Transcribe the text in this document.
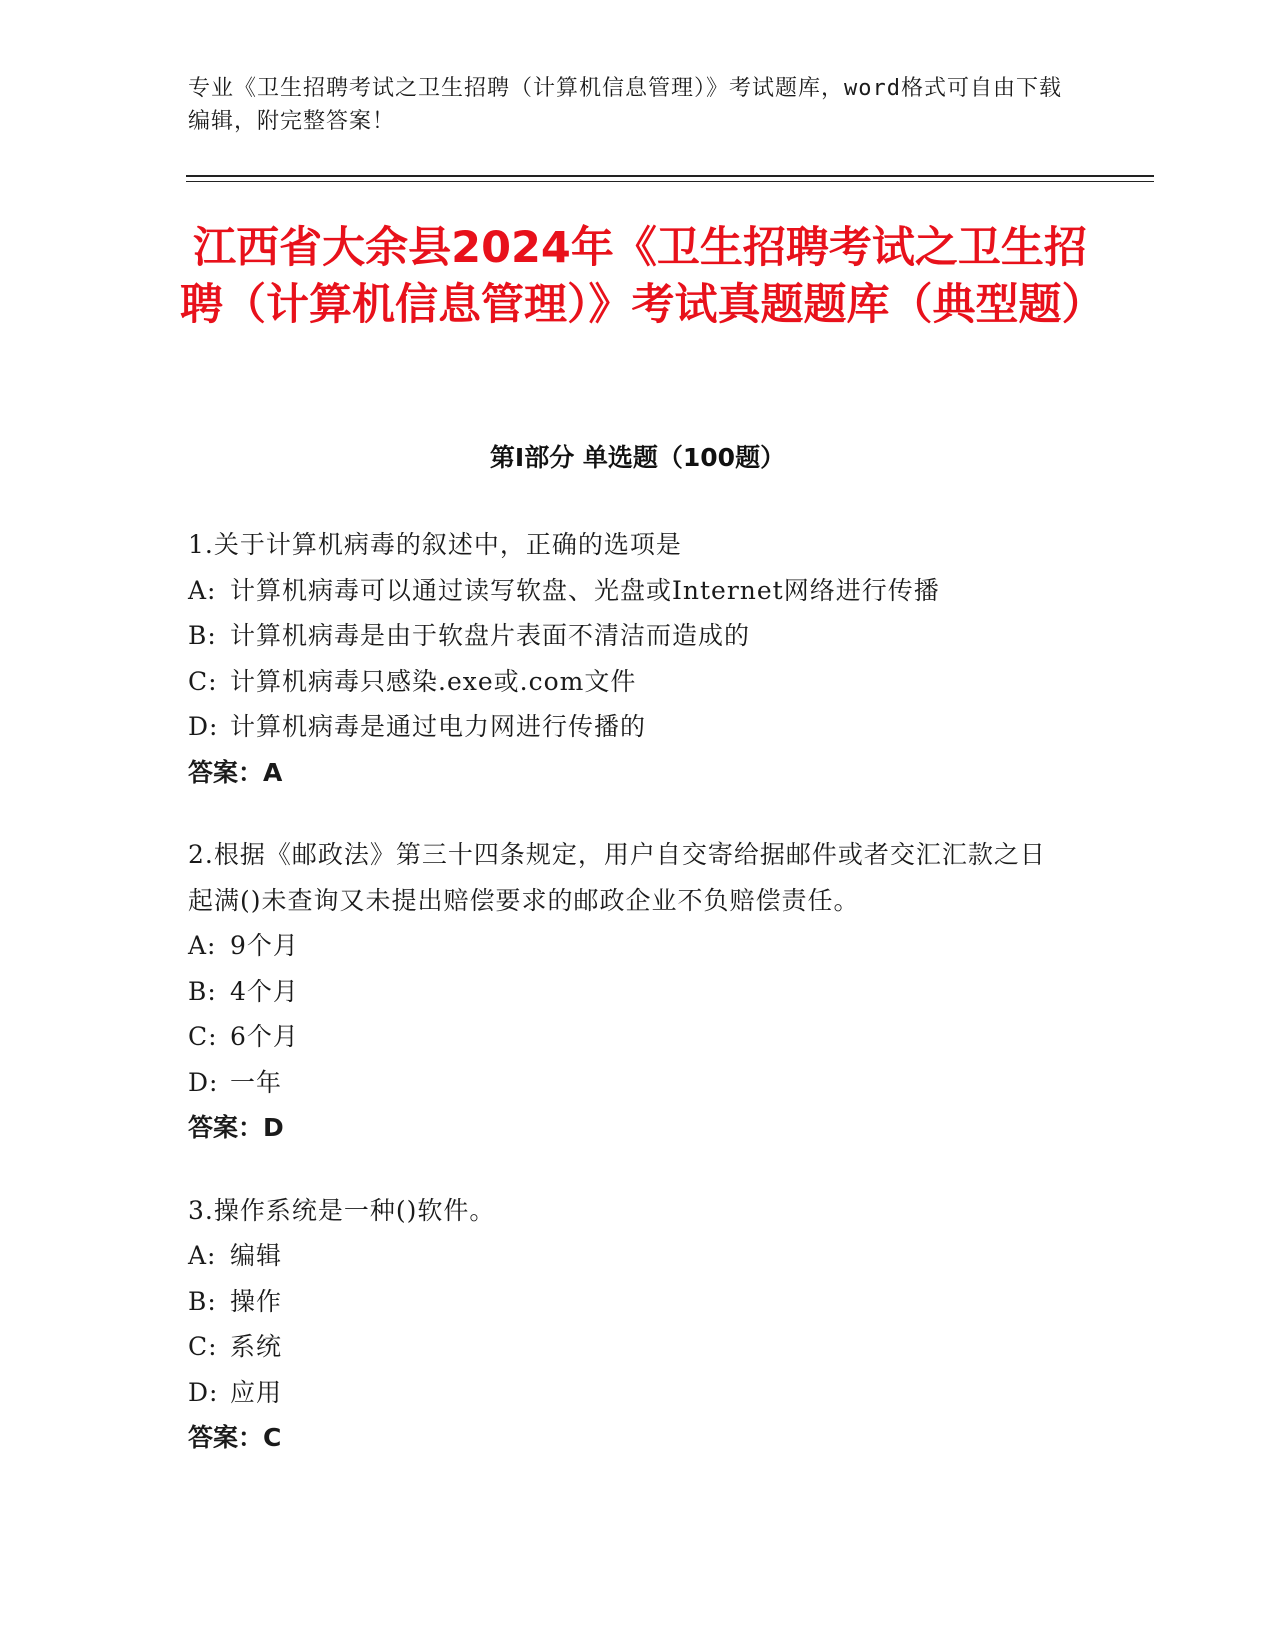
专业《卫生招聘考试之卫生招聘（计算机信息管理）》考试题库，word格式可自由下载编辑，附完整答案！
江西省大余县2024年《卫生招聘考试之卫生招聘（计算机信息管理）》考试真题题库（典型题）
第Ⅰ部分 单选题（100题）
1.关于计算机病毒的叙述中，正确的选项是
A: 计算机病毒可以通过读写软盘、光盘或Internet网络进行传播
B: 计算机病毒是由于软盘片表面不清洁而造成的
C: 计算机病毒只感染.exe或.com文件
D: 计算机病毒是通过电力网进行传播的
答案：A
2.根据《邮政法》第三十四条规定，用户自交寄给据邮件或者交汇汇款之日起满()未查询又未提出赔偿要求的邮政企业不负赔偿责任。
A: 9个月
B: 4个月
C: 6个月
D: 一年
答案：D
3.操作系统是一种()软件。
A: 编辑
B: 操作
C: 系统
D: 应用
答案：C
